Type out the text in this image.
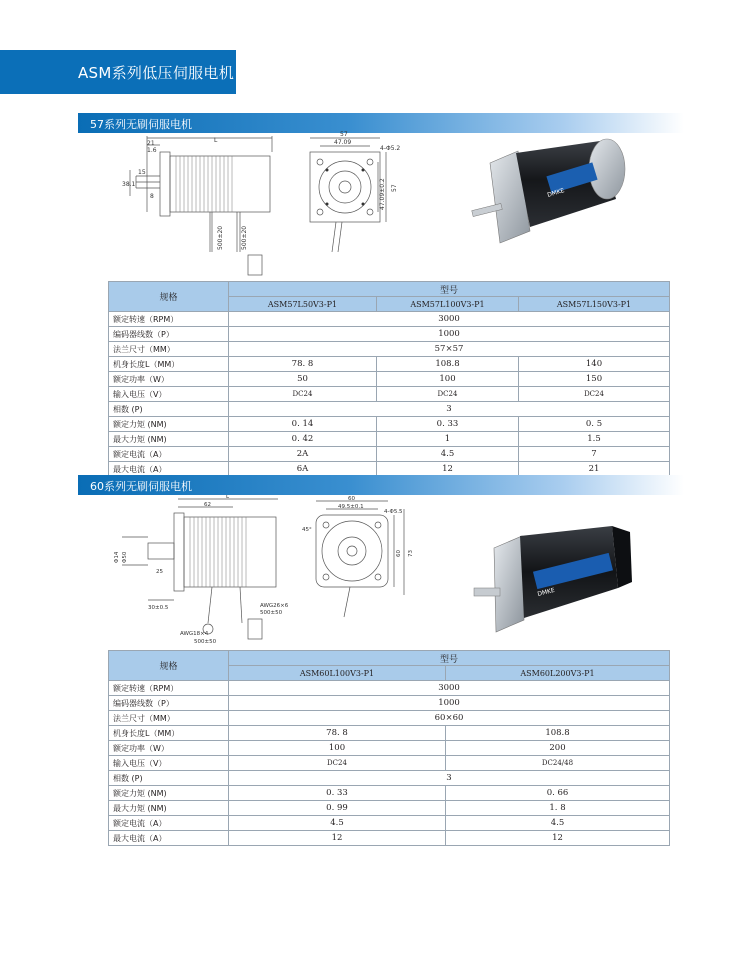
ASM系列低压伺服电机
57系列无刷伺服电机
21
1.6
L
15
38.1
8
500±20	500±20
57
47.09
4-Φ5.2
47.09±0.2 57	DMKE
规格	型号		
	ASM57L50V3-P1	ASM57L100V3-P1	ASM57L150V3-P1
额定转速（RPM）	3000		
编码器线数（P）	1000		
法兰尺寸（MM）	57×57		
机身长度L（MM）	78. 8	108.8	140
额定功率（W）	50	100	150
输入电压（V）	DC24	DC24	DC24
相数 (P)	3		
额定力矩 (NM)	0. 14	0. 33	0. 5
最大力矩 (NM)	0. 42	1	1.5
额定电流（A）	2A	4.5	7
最大电流（A）	6A	12	21
60系列无刷伺服电机
L
62
Φ14 Φ50
25
30±0.5
AWG18×4
AWG26×6
500±50
500±50
60
49.5±0.1
4-Φ5.5
45°
73
60
DMKE
规格	型号	
	ASM60L100V3-P1	ASM60L200V3-P1
额定转速（RPM）	3000	
编码器线数（P）	1000	
法兰尺寸（MM）	60×60	
机身长度L（MM）	78. 8	108.8
额定功率（W）	100	200
输入电压（V）	DC24	DC24/48
相数 (P)	3	
额定力矩 (NM)	0. 33	0. 66
最大力矩 (NM)	0. 99	1. 8
额定电流（A）	4.5	4.5
最大电流（A）	12	12
